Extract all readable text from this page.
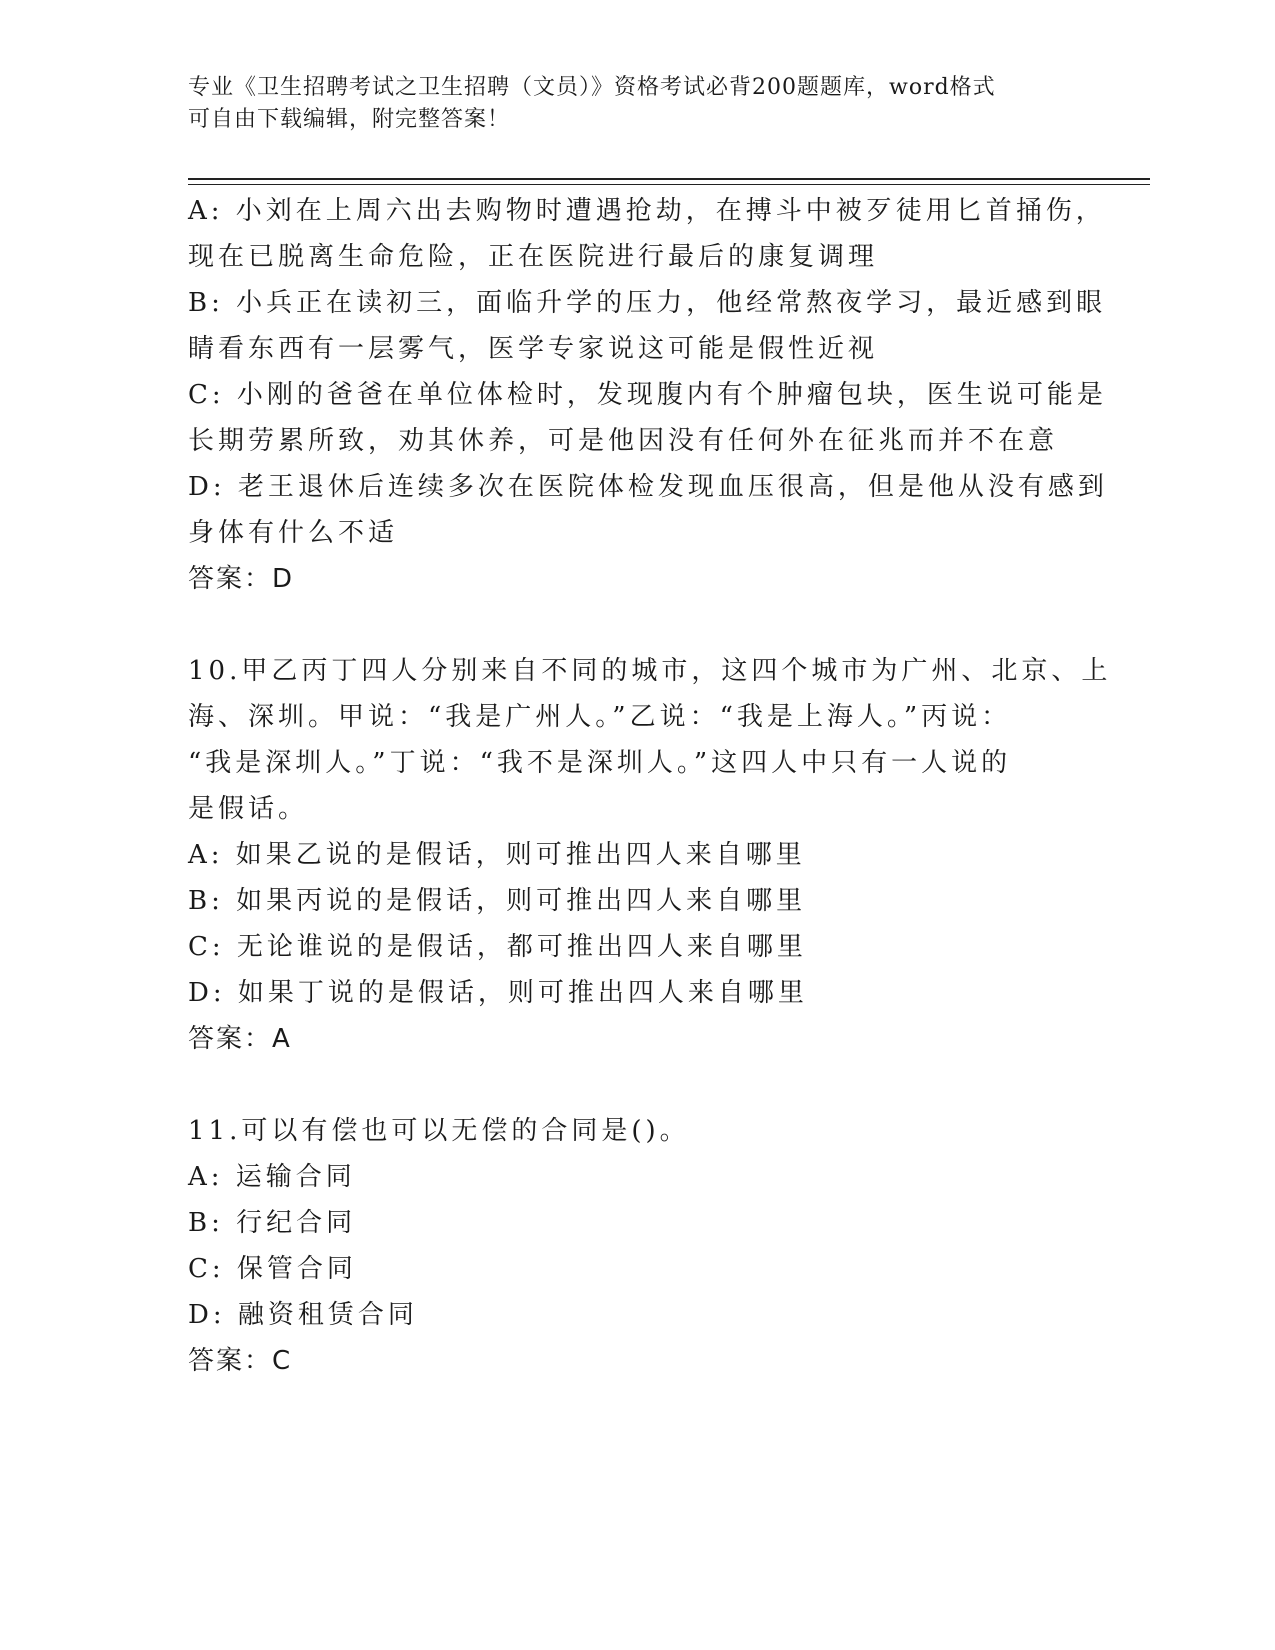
专业《卫生招聘考试之卫生招聘（文员）》资格考试必背200题题库，word格式
可自由下载编辑，附完整答案！
A: 小刘在上周六出去购物时遭遇抢劫，在搏斗中被歹徒用匕首捅伤，
现在已脱离生命危险，正在医院进行最后的康复调理
B: 小兵正在读初三，面临升学的压力，他经常熬夜学习，最近感到眼
睛看东西有一层雾气，医学专家说这可能是假性近视
C: 小刚的爸爸在单位体检时，发现腹内有个肿瘤包块，医生说可能是
长期劳累所致，劝其休养，可是他因没有任何外在征兆而并不在意
D: 老王退休后连续多次在医院体检发现血压很高，但是他从没有感到
身体有什么不适
答案：D
10.甲乙丙丁四人分别来自不同的城市，这四个城市为广州、北京、上
海、深圳。甲说：“我是广州人。”乙说：“我是上海人。”丙说：
“我是深圳人。”丁说：“我不是深圳人。”这四人中只有一人说的
是假话。
A: 如果乙说的是假话，则可推出四人来自哪里
B: 如果丙说的是假话，则可推出四人来自哪里
C: 无论谁说的是假话，都可推出四人来自哪里
D: 如果丁说的是假话，则可推出四人来自哪里
答案：A
11.可以有偿也可以无偿的合同是()。
A: 运输合同
B: 行纪合同
C: 保管合同
D: 融资租赁合同
答案：C
